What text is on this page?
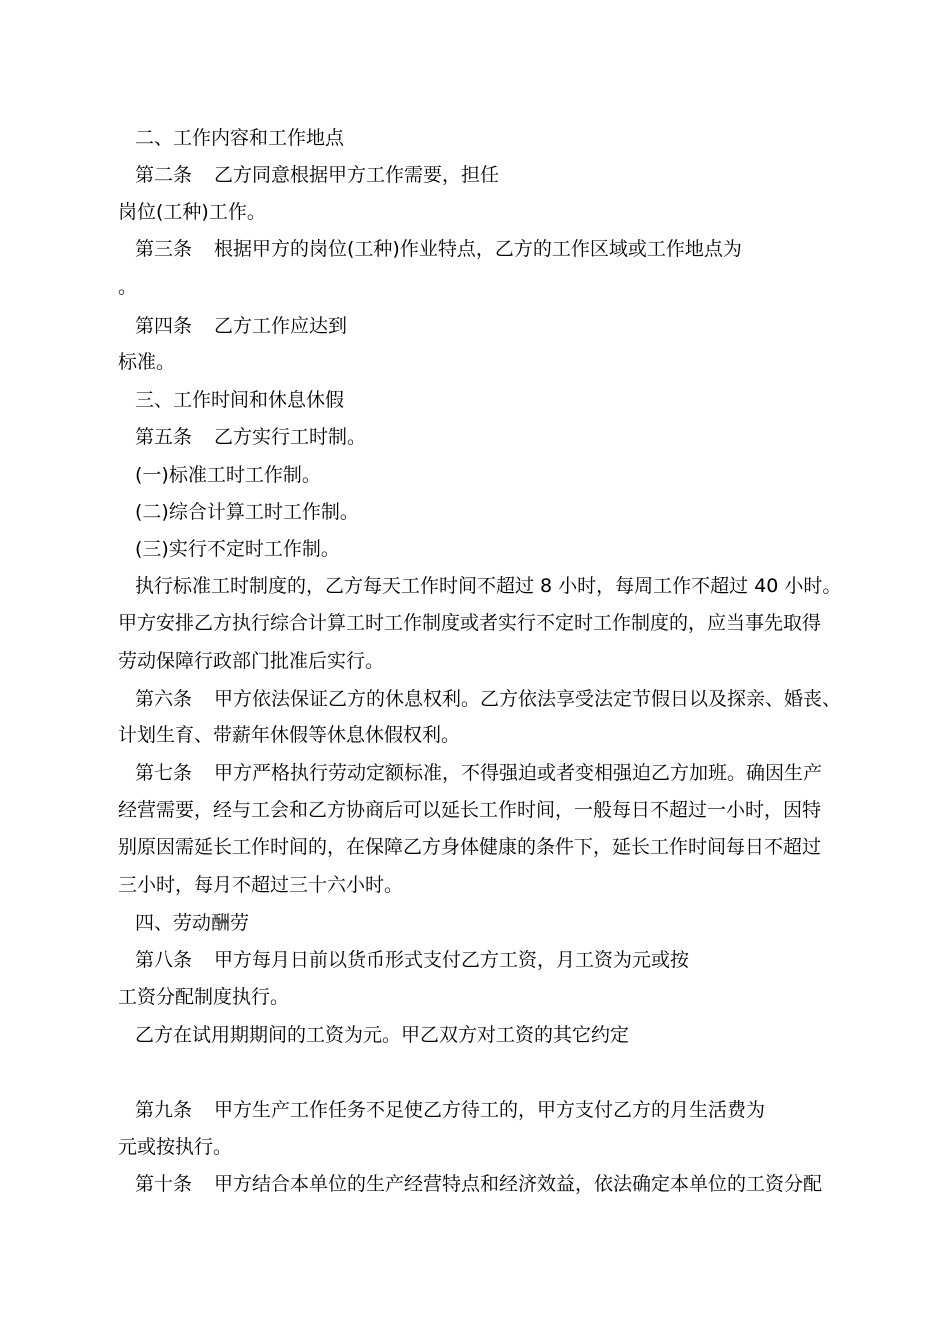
二、工作内容和工作地点
第二条 乙方同意根据甲方工作需要，担任
岗位(工种)工作。
第三条 根据甲方的岗位(工种)作业特点，乙方的工作区域或工作地点为
。
第四条 乙方工作应达到
标准。
三、工作时间和休息休假
第五条 乙方实行工时制。
(一)标准工时工作制。
(二)综合计算工时工作制。
(三)实行不定时工作制。
执行标准工时制度的，乙方每天工作时间不超过 8 小时，每周工作不超过 40 小时。
甲方安排乙方执行综合计算工时工作制度或者实行不定时工作制度的，应当事先取得
劳动保障行政部门批准后实行。
第六条 甲方依法保证乙方的休息权利。乙方依法享受法定节假日以及探亲、婚丧、
计划生育、带薪年休假等休息休假权利。
第七条 甲方严格执行劳动定额标准，不得强迫或者变相强迫乙方加班。确因生产
经营需要，经与工会和乙方协商后可以延长工作时间，一般每日不超过一小时，因特
别原因需延长工作时间的，在保障乙方身体健康的条件下，延长工作时间每日不超过
三小时，每月不超过三十六小时。
四、劳动酬劳
第八条 甲方每月日前以货币形式支付乙方工资，月工资为元或按
工资分配制度执行。
乙方在试用期期间的工资为元。甲乙双方对工资的其它约定
第九条 甲方生产工作任务不足使乙方待工的，甲方支付乙方的月生活费为
元或按执行。
第十条 甲方结合本单位的生产经营特点和经济效益，依法确定本单位的工资分配
